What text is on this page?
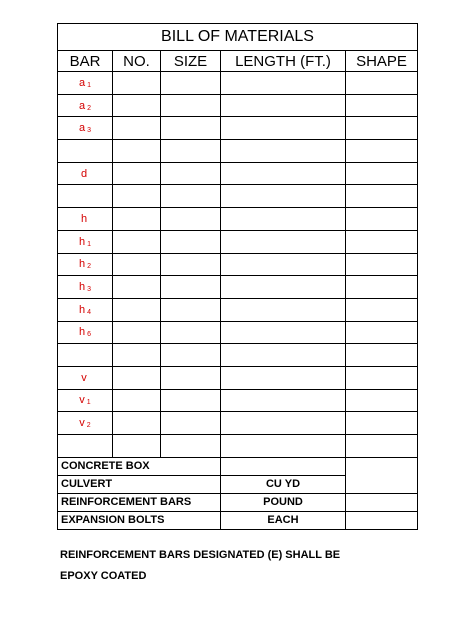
BILL OF MATERIALS				
BAR	NO.	SIZE	LENGTH (FT.)	SHAPE
a $_1$				
a $_2$				
a $_3$				

d				

h				
h $_1$				
h $_2$				
h $_3$				
h $_4$				
h $_6$				

v				
v $_1$				
v $_2$				

CONCRETE BOX				
CULVERT			CU YD	
REINFORCEMENT BARS			POUND	
EXPANSION BOLTS			EACH	
REINFORCEMENT BARS DESIGNATED (E) SHALL BE
EPOXY COATED
